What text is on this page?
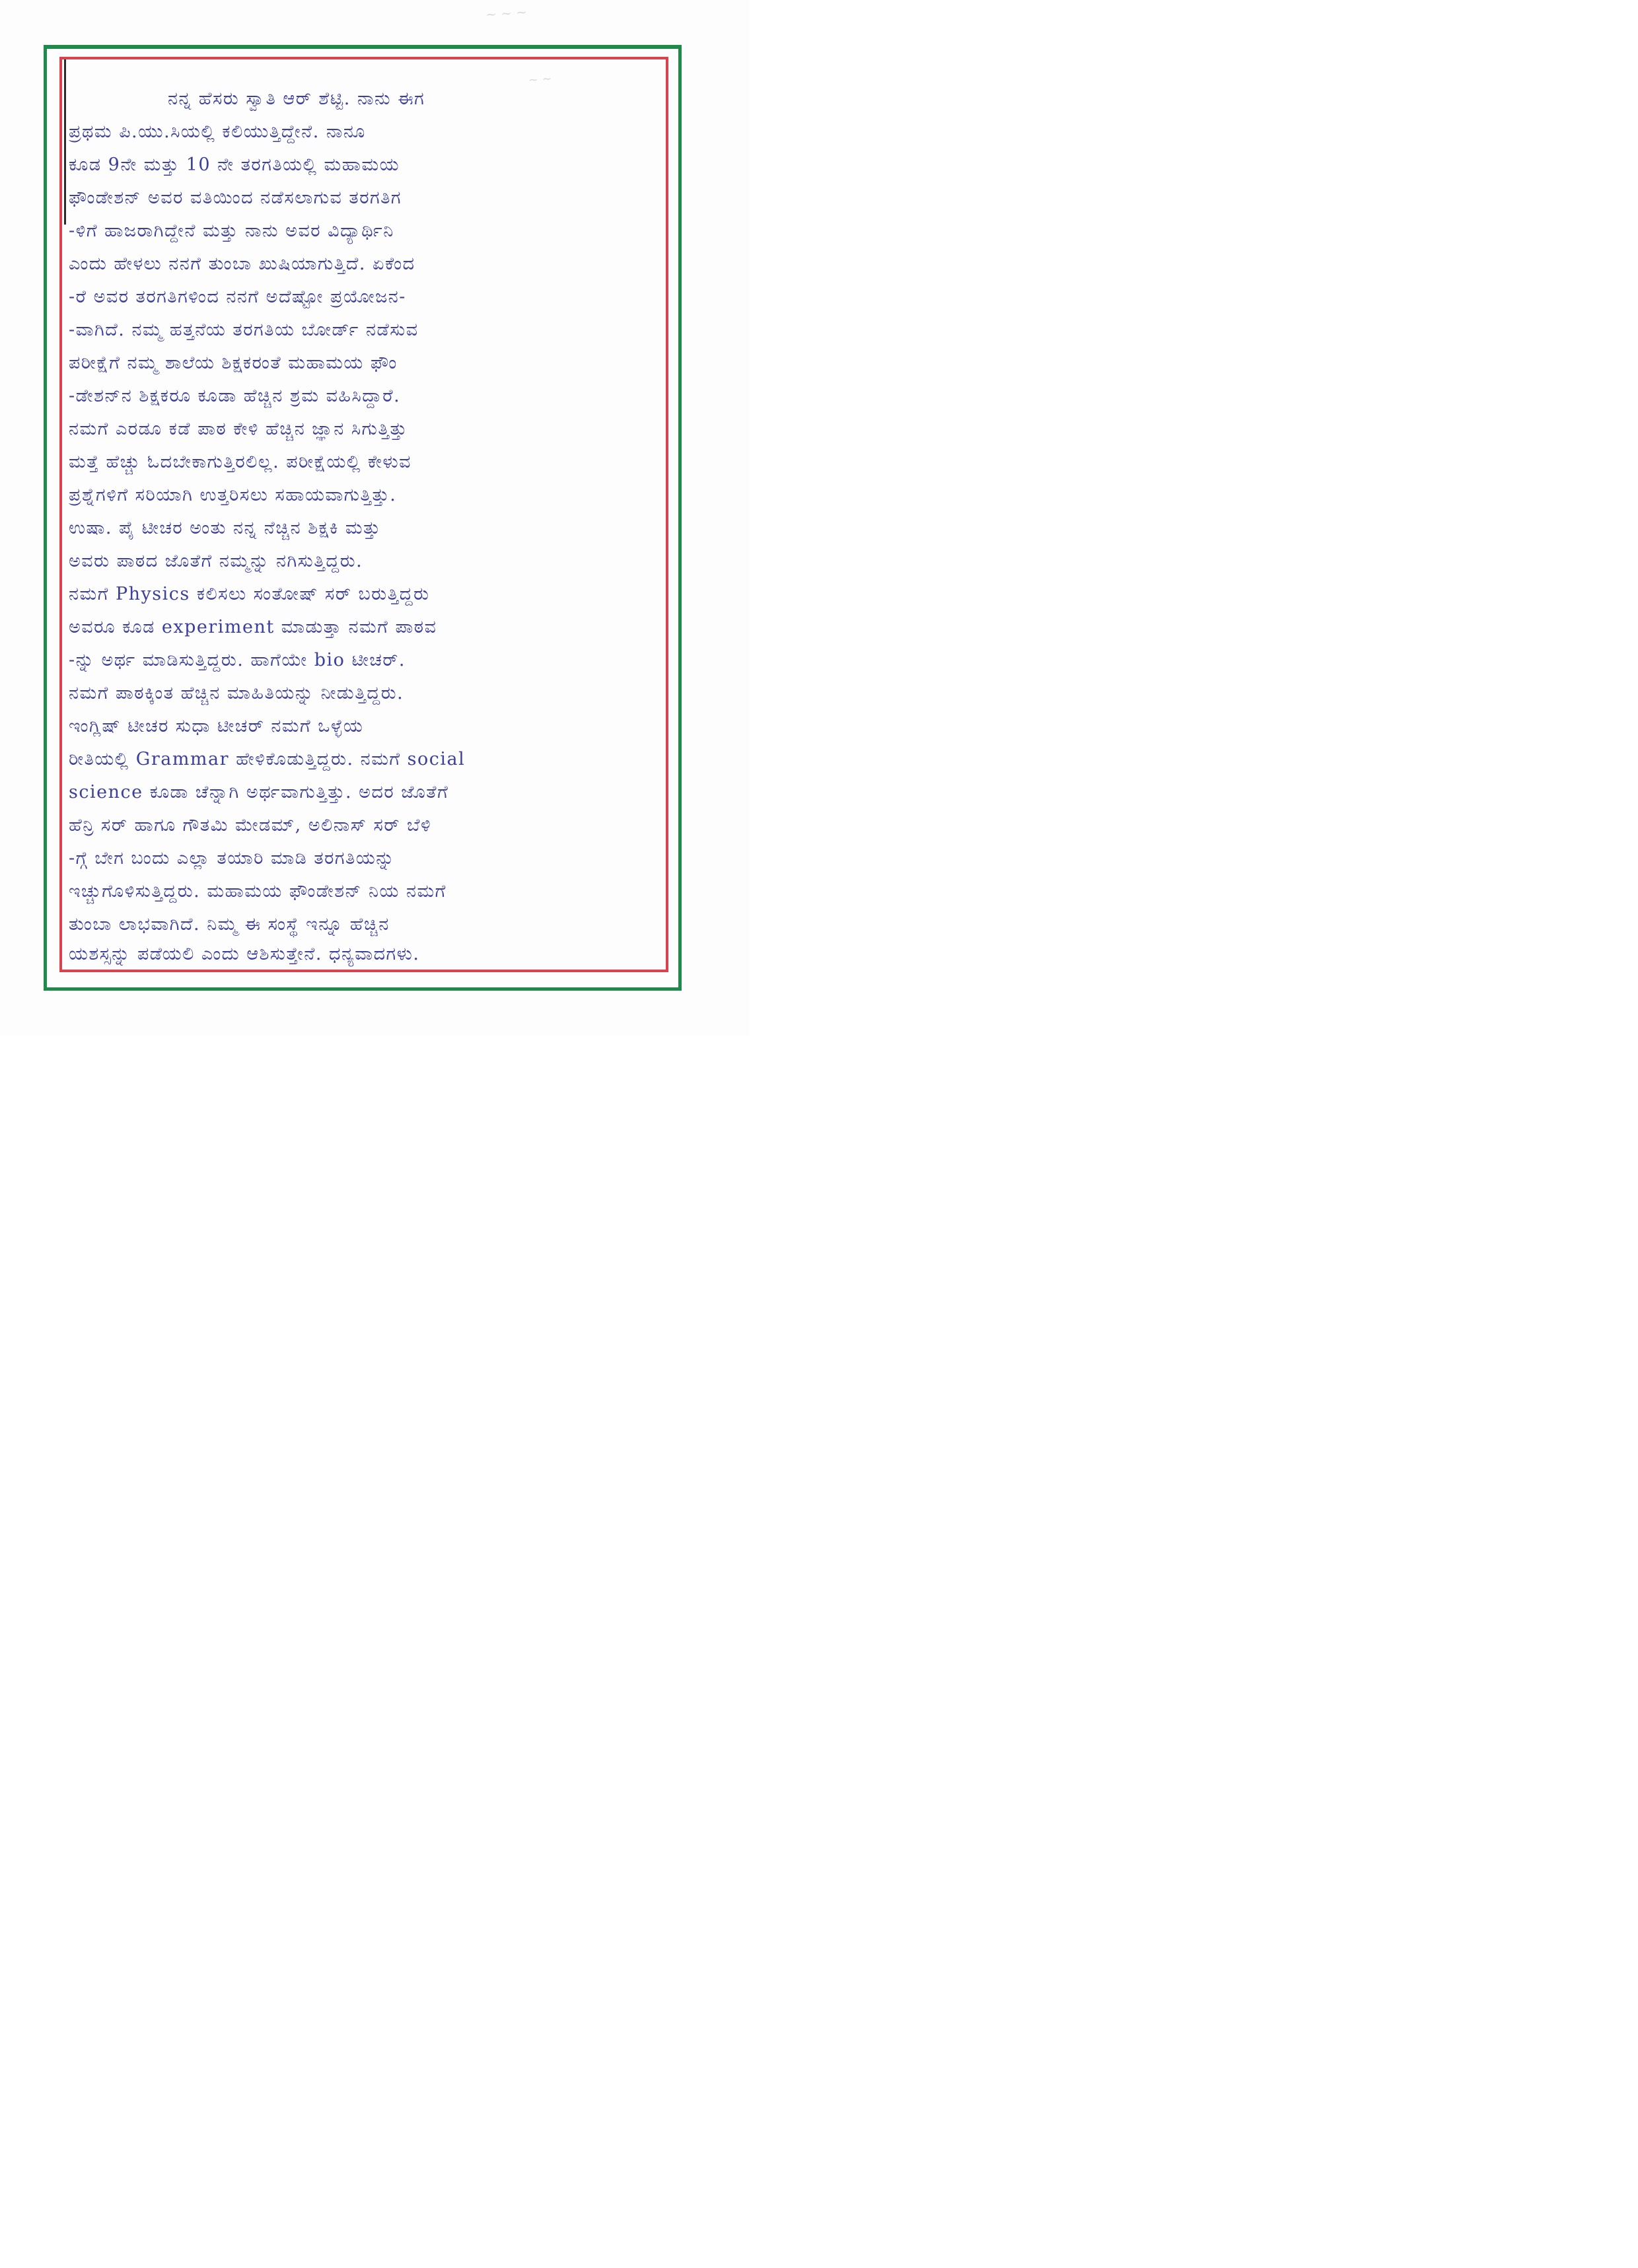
~ ~ ~
~ ~
ನನ್ನ ಹೆಸರು ಸ್ವಾತಿ ಆರ್ ಶೆಟ್ಟಿ. ನಾನು ಈಗ
ಪ್ರಥಮ ಪಿ.ಯು.ಸಿಯಲ್ಲಿ ಕಲಿಯುತ್ತಿದ್ದೇನೆ. ನಾನೂ
ಕೂಡ 9ನೇ ಮತ್ತು 10 ನೇ ತರಗತಿಯಲ್ಲಿ ಮಹಾಮಯ
ಫೌಂಡೇಶನ್ ಅವರ ವತಿಯಿಂದ ನಡೆಸಲಾಗುವ ತರಗತಿಗ
-ಳಿಗೆ ಹಾಜರಾಗಿದ್ದೇನೆ ಮತ್ತು ನಾನು ಅವರ ವಿದ್ಯಾರ್ಥಿನಿ
ಎಂದು ಹೇಳಲು ನನಗೆ ತುಂಬಾ ಖುಷಿಯಾಗುತ್ತಿದೆ. ಏಕೆಂದ
-ರೆ ಅವರ ತರಗತಿಗಳಿಂದ ನನಗೆ ಅದೆಷ್ಟೋ ಪ್ರಯೋಜನ-
-ವಾಗಿದೆ. ನಮ್ಮ ಹತ್ತನೆಯ ತರಗತಿಯ ಬೋರ್ಡ್ ನಡೆಸುವ
ಪರೀಕ್ಷೆಗೆ ನಮ್ಮ ಶಾಲೆಯ ಶಿಕ್ಷಕರಂತೆ ಮಹಾಮಯ ಫೌಂ
-ಡೇಶನ್‌ನ ಶಿಕ್ಷಕರೂ ಕೂಡಾ ಹೆಚ್ಚಿನ ಶ್ರಮ ವಹಿಸಿದ್ದಾರೆ.
ನಮಗೆ ಎರಡೂ ಕಡೆ ಪಾಠ ಕೇಳಿ ಹೆಚ್ಚಿನ ಜ್ಞಾನ ಸಿಗುತ್ತಿತ್ತು
ಮತ್ತೆ ಹೆಚ್ಚು ಓದಬೇಕಾಗುತ್ತಿರಲಿಲ್ಲ. ಪರೀಕ್ಷೆಯಲ್ಲಿ ಕೇಳುವ
ಪ್ರಶ್ನೆಗಳಿಗೆ ಸರಿಯಾಗಿ ಉತ್ತರಿಸಲು ಸಹಾಯವಾಗುತ್ತಿತ್ತು.
ಉಷಾ. ಪೈ ಟೀಚರ ಅಂತು ನನ್ನ ನೆಚ್ಚಿನ ಶಿಕ್ಷಕಿ ಮತ್ತು
ಅವರು ಪಾಠದ ಜೊತೆಗೆ ನಮ್ಮನ್ನು ನಗಿಸುತ್ತಿದ್ದರು.
ನಮಗೆ Physics ಕಲಿಸಲು ಸಂತೋಷ್ ಸರ್ ಬರುತ್ತಿದ್ದರು
ಅವರೂ ಕೂಡ experiment ಮಾಡುತ್ತಾ ನಮಗೆ ಪಾಠವ
-ನ್ನು ಅರ್ಥ ಮಾಡಿಸುತ್ತಿದ್ದರು. ಹಾಗೆಯೇ bio ಟೀಚರ್.
ನಮಗೆ ಪಾಠಕ್ಕಿಂತ ಹೆಚ್ಚಿನ ಮಾಹಿತಿಯನ್ನು ನೀಡುತ್ತಿದ್ದರು.
ಇಂಗ್ಲಿಷ್ ಟೀಚರ ಸುಧಾ ಟೀಚರ್ ನಮಗೆ ಒಳ್ಳೆಯ
ರೀತಿಯಲ್ಲಿ Grammar ಹೇಳಿಕೊಡುತ್ತಿದ್ದರು. ನಮಗೆ social
science ಕೂಡಾ ಚೆನ್ನಾಗಿ ಅರ್ಥವಾಗುತ್ತಿತ್ತು. ಅದರ ಜೊತೆಗೆ
ಹೆನ್ರಿ ಸರ್ ಹಾಗೂ ಗೌತಮಿ ಮೇಡಮ್, ಅಲಿನಾಸ್ ಸರ್ ಬೆಳಿ
-ಗ್ಗೆ ಬೇಗ ಬಂದು ಎಲ್ಲಾ ತಯಾರಿ ಮಾಡಿ ತರಗತಿಯನ್ನು
ಇಚ್ಚುಗೊಳಿಸುತ್ತಿದ್ದರು. ಮಹಾಮಯ ಫೌಂಡೇಶನ್ ನಿಯ ನಮಗೆ
ತುಂಬಾ ಲಾಭವಾಗಿದೆ. ನಿಮ್ಮ ಈ ಸಂಸ್ಥೆ ಇನ್ನೂ ಹೆಚ್ಚಿನ
ಯಶಸ್ಸನ್ನು ಪಡೆಯಲಿ ಎಂದು ಆಶಿಸುತ್ತೇನೆ. ಧನ್ಯವಾದಗಳು.
